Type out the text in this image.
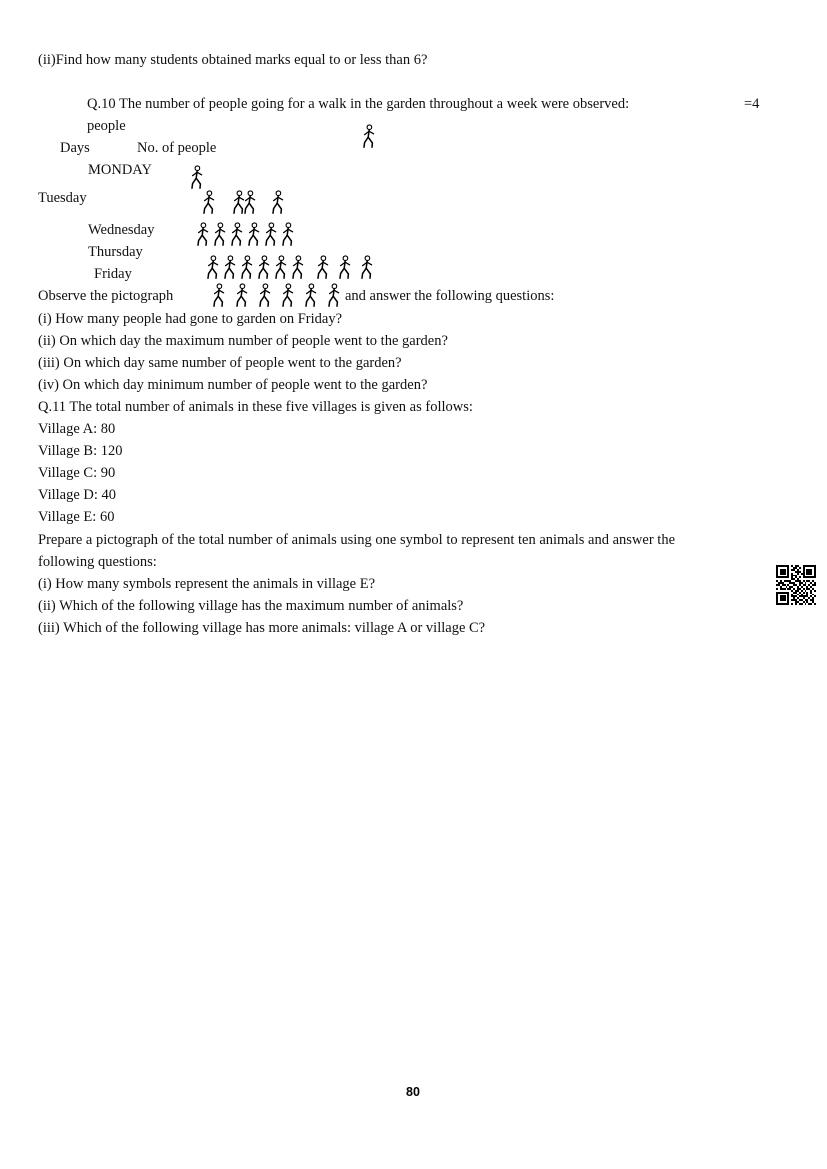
(ii)Find how many students obtained marks equal to or less than 6?
Q.10 The number of people going for a walk in the garden throughout a week were observed:	=4
people
Days	No. of people
MONDAY
Tuesday
Wednesday
Thursday
Friday
Observe the pictograph	and answer the following questions:
(i) How many people had gone to garden on Friday?
(ii) On which day the maximum number of people went to the garden?
(iii) On which day same number of people went to the garden?
(iv) On which day minimum number of people went to the garden?
Q.11 The total number of animals in these five villages is given as follows:
Village A: 80
Village B: 120
Village C: 90
Village D: 40
Village E: 60
Prepare a pictograph of the total number of animals using one symbol to represent ten animals and answer the
following questions:
(i) How many symbols represent the animals in village E?
(ii) Which of the following village has the maximum number of animals?
(iii) Which of the following village has more animals: village A or village C?
80
